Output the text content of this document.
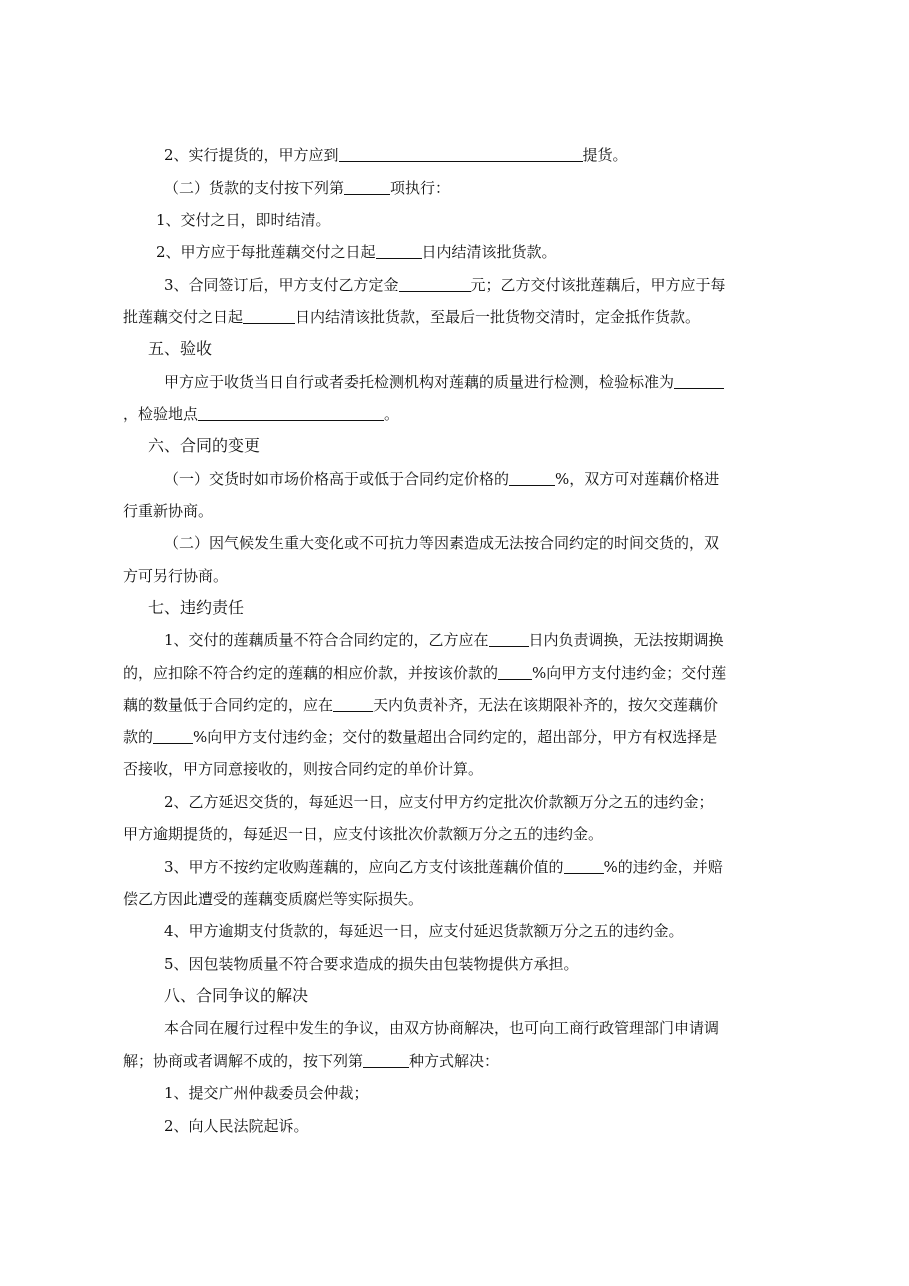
2、实行提货的，甲方应到	提货。
（二）货款的支付按下列第	项执行：
1、交付之日，即时结清。
2、甲方应于每批莲藕交付之日起	日内结清该批货款。
3、合同签订后，甲方支付乙方定金	元；乙方交付该批莲藕后，甲方应于每
批莲藕交付之日起	日内结清该批货款，至最后一批货物交清时，定金抵作货款。
五、验收
甲方应于收货当日自行或者委托检测机构对莲藕的质量进行检测，检验标准为
，检验地点	。
六、合同的变更
（一）交货时如市场价格高于或低于合同约定价格的	%，双方可对莲藕价格进
行重新协商。
（二）因气候发生重大变化或不可抗力等因素造成无法按合同约定的时间交货的，双
方可另行协商。
七、违约责任
1、交付的莲藕质量不符合合同约定的，乙方应在	日内负责调换，无法按期调换
的，应扣除不符合约定的莲藕的相应价款，并按该价款的 %向甲方支付违约金；交付莲
藕的数量低于合同约定的，应在	天内负责补齐，无法在该期限补齐的，按欠交莲藕价
款的	%向甲方支付违约金；交付的数量超出合同约定的，超出部分，甲方有权选择是
否接收，甲方同意接收的，则按合同约定的单价计算。
2、乙方延迟交货的，每延迟一日，应支付甲方约定批次价款额万分之五的违约金；
甲方逾期提货的，每延迟一日，应支付该批次价款额万分之五的违约金。
3、甲方不按约定收购莲藕的，应向乙方支付该批莲藕价值的	%的违约金，并赔
偿乙方因此遭受的莲藕变质腐烂等实际损失。
4、甲方逾期支付货款的，每延迟一日，应支付延迟货款额万分之五的违约金。
5、因包装物质量不符合要求造成的损失由包装物提供方承担。
八、合同争议的解决
本合同在履行过程中发生的争议，由双方协商解决，也可向工商行政管理部门申请调
解；协商或者调解不成的，按下列第	种方式解决：
1、提交广州仲裁委员会仲裁；
2、向人民法院起诉。
